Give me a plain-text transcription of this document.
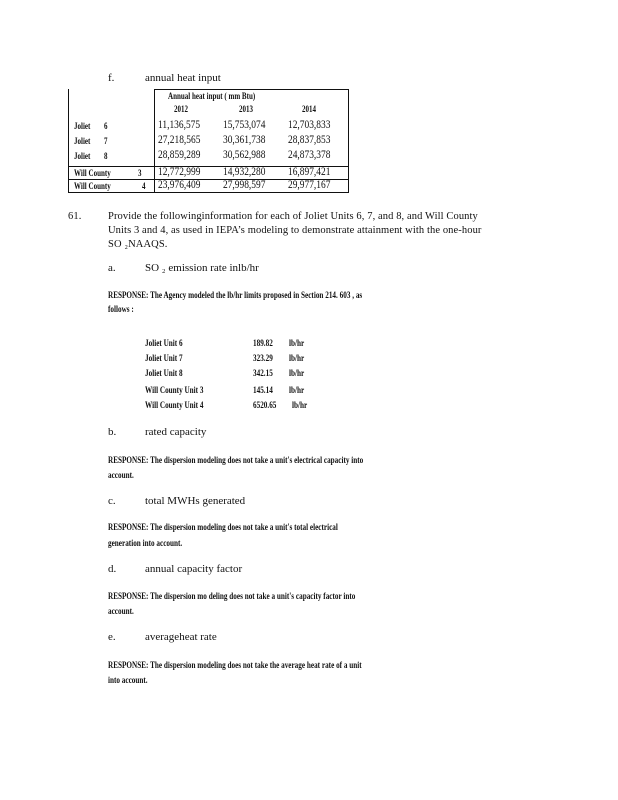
f.	annual heat input
Annual heat input ( mm Btu)
2012	2013	2014
Joliet 6	11,136,575 15,753,074 12,703,833
Joliet 7	27,218,565 30,361,738 28,837,853
Joliet 8	28,859,289 30,562,988 24,873,378
Will County	3 12,772,999 14,932,280 16,897,421
Will County	4 23,976,409 27,998,597 29,977,167
61.	Provide the followinginformation for each of Joliet Units 6, 7, and 8, and Will County
Units 3 and 4, as used in IEPA’s modeling to demonstrate attainment with the one-hour
SO ₂NAAQS.
a.	SO ₂ emission rate inlb/hr
RESPONSE: The Agency modeled the lb/hr limits proposed in Section 214. 603 , as
follows :
Joliet Unit 6	189.82 lb/hr
Joliet Unit 7	323.29 lb/hr
Joliet Unit 8	342.15 lb/hr
Will County Unit 3	145.14 lb/hr
Will County Unit 4	6520.65 lb/hr
b.	rated capacity
RESPONSE: The dispersion modeling does not take a unit's electrical capacity into
account.
c.	total MWHs generated
RESPONSE: The dispersion modeling does not take a unit's total electrical
generation into account.
d.	annual capacity factor
RESPONSE: The dispersion mo deling does not take a unit's capacity factor into
account.
e.	averageheat rate
RESPONSE: The dispersion modeling does not take the average heat rate of a unit
into account.
